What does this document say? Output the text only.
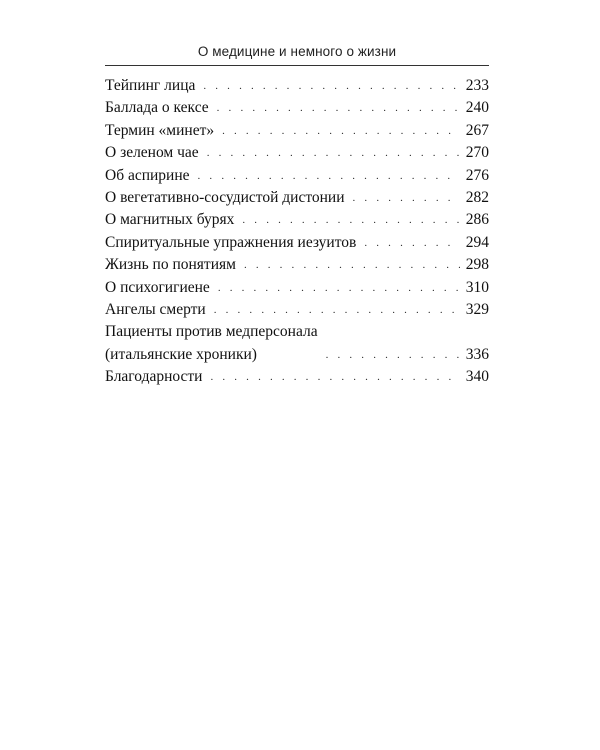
О медицине и немного о жизни
Тейпинг лица . . .	233
Баллада о кексе . . .	240
Термин «минет» . . .	267
О зеленом чае . . .	270
Об аспирине . . .	276
О вегетативно-сосудистой дистонии . . .	282
О магнитных бурях . . .	286
Спиритуальные упражнения иезуитов . . .	294
Жизнь по понятиям . . .	298
О психогигиене . . .	310
Ангелы смерти . . .	329
Пациенты против медперсонала
(итальянские хроники) . . .	336
Благодарности . . .	340
